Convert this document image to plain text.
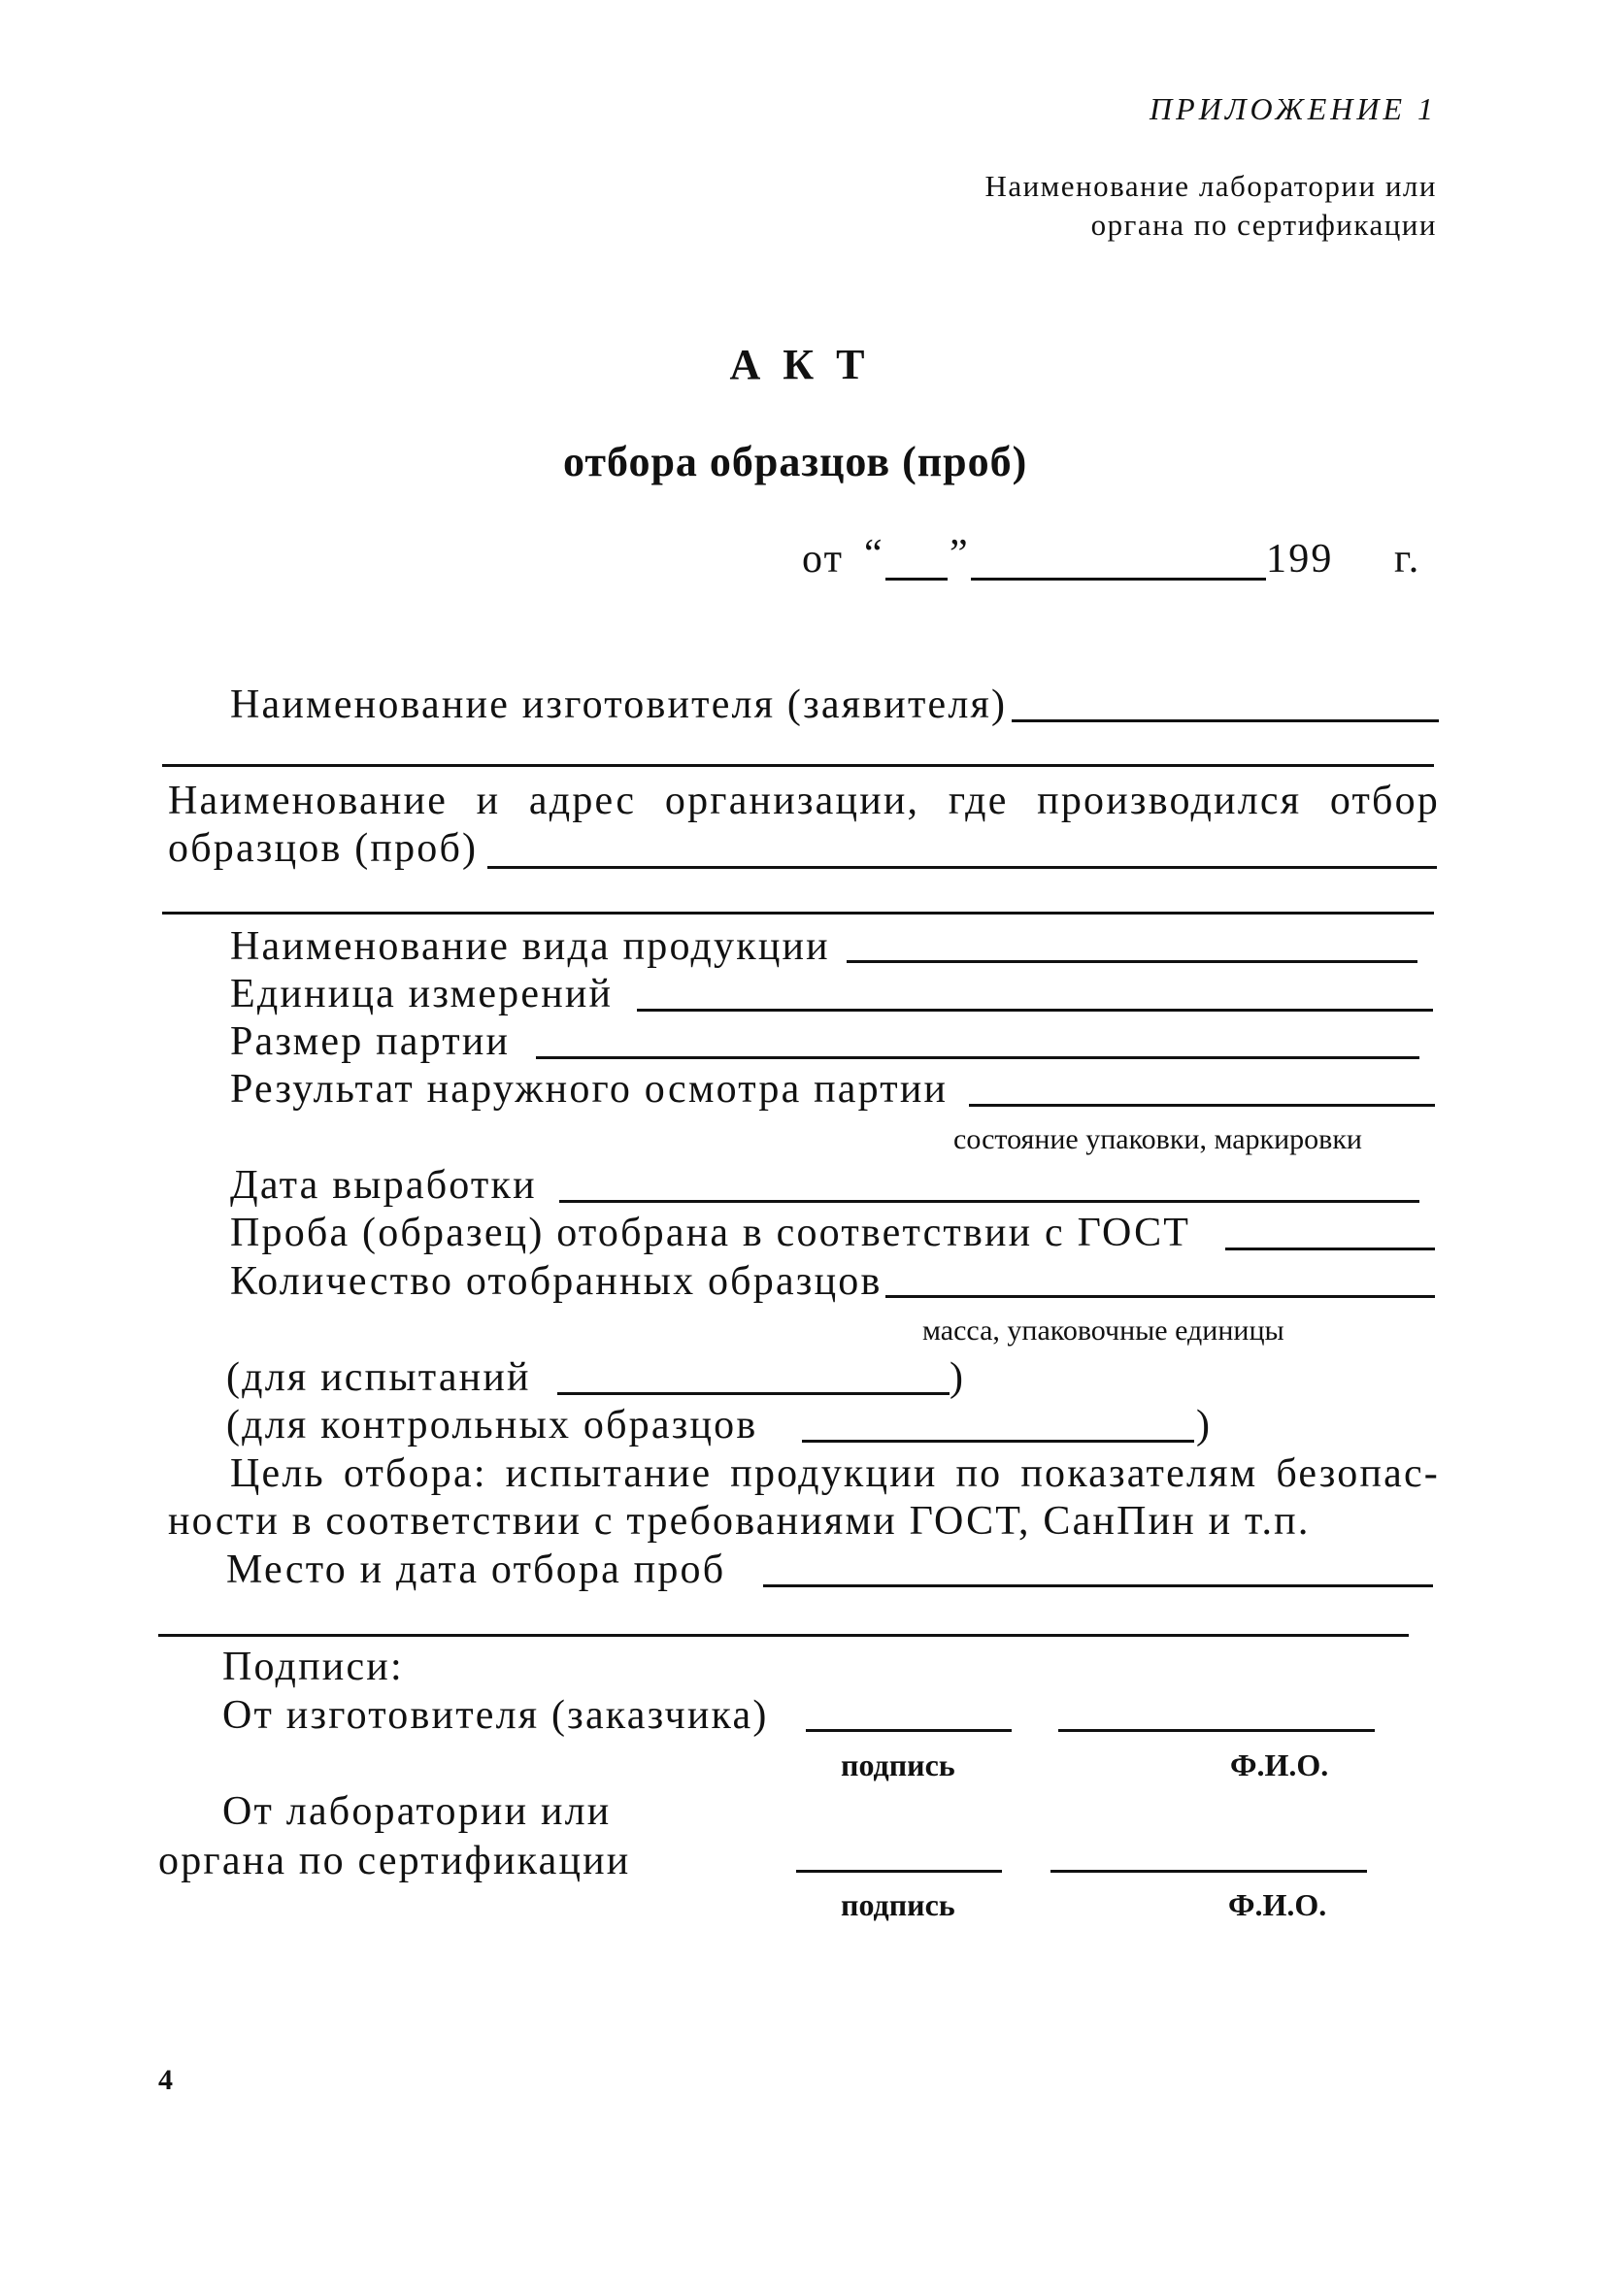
ПРИЛОЖЕНИЕ 1
Наименование лаборатории или
органа по сертификации
А К Т
отбора образцов (проб)
от “ ”	199 г.
Наименование изготовителя (заявителя)
Наименование и адрес организации, где производился отбор
образцов (проб)
Наименование вида продукции
Единица измерений
Размер партии
Результат наружного осмотра партии
состояние упаковки, маркировки
Дата выработки
Проба (образец) отобрана в соответствии с ГОСТ
Количество отобранных образцов
масса, упаковочные единицы
(для испытаний	)
(для контрольных образцов	)
Цель отбора: испытание продукции по показателям безопас-
ности в соответствии с требованиями ГОСТ, СанПин и т.п.
Место и дата отбора проб
Подписи:
От изготовителя (заказчика)
подпись	Ф.И.О.
От лаборатории или
органа по сертификации
подпись	Ф.И.О.
4
